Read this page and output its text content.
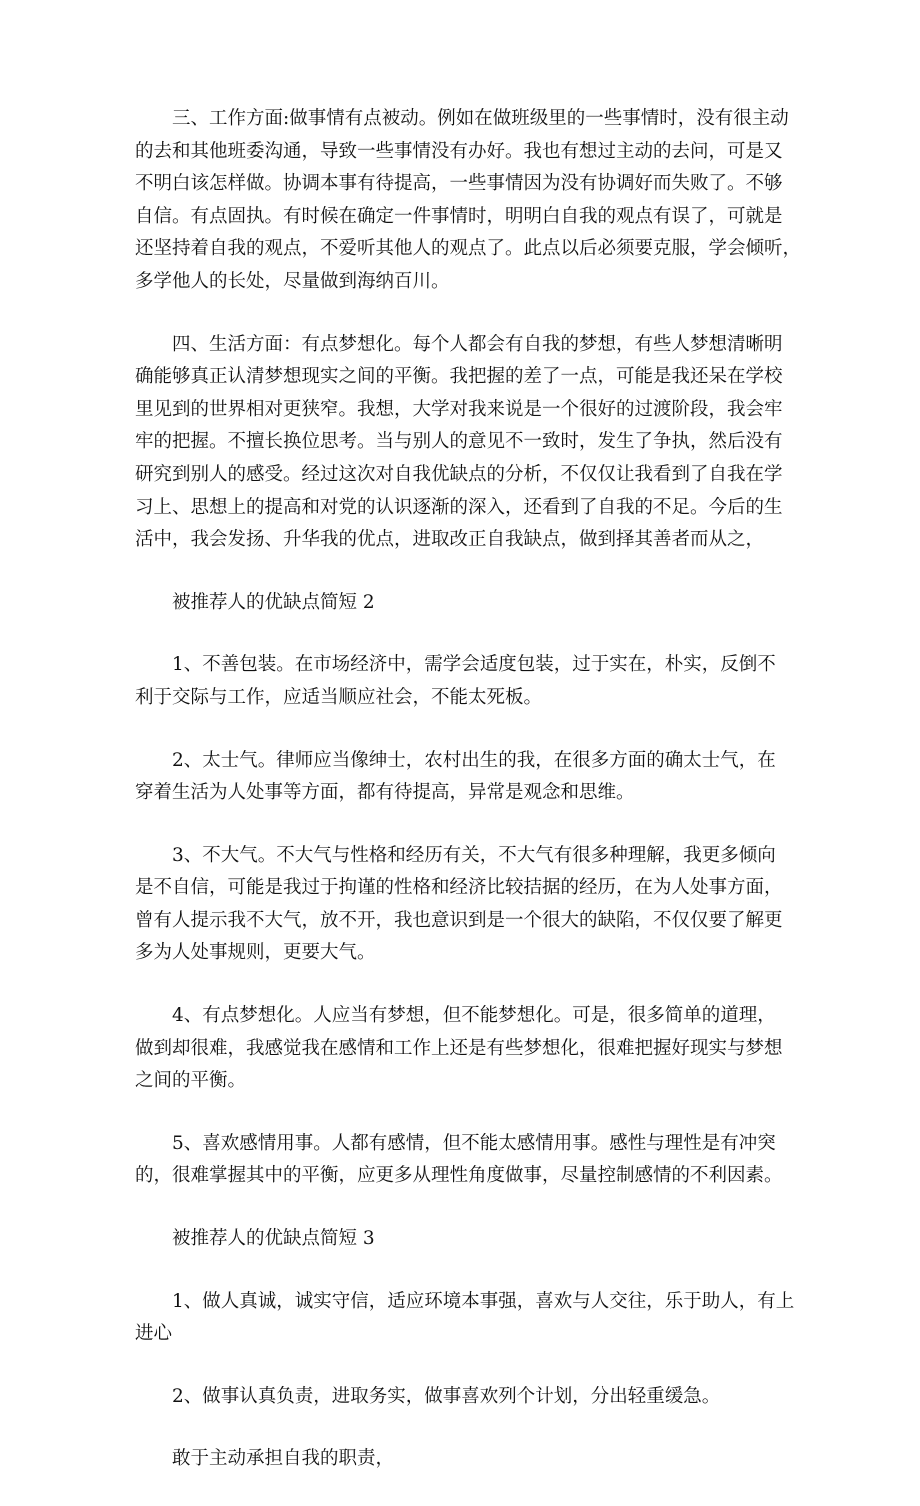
三、工作方面:做事情有点被动。例如在做班级里的一些事情时，没有很主动
的去和其他班委沟通，导致一些事情没有办好。我也有想过主动的去问，可是又
不明白该怎样做。协调本事有待提高，一些事情因为没有协调好而失败了。不够
自信。有点固执。有时候在确定一件事情时，明明白自我的观点有误了，可就是
还坚持着自我的观点，不爱听其他人的观点了。此点以后必须要克服，学会倾听，
多学他人的长处，尽量做到海纳百川。

四、生活方面：有点梦想化。每个人都会有自我的梦想，有些人梦想清晰明
确能够真正认清梦想现实之间的平衡。我把握的差了一点，可能是我还呆在学校
里见到的世界相对更狭窄。我想，大学对我来说是一个很好的过渡阶段，我会牢
牢的把握。不擅长换位思考。当与别人的意见不一致时，发生了争执，然后没有
研究到别人的感受。经过这次对自我优缺点的分析，不仅仅让我看到了自我在学
习上、思想上的提高和对党的认识逐渐的深入，还看到了自我的不足。今后的生
活中，我会发扬、升华我的优点，进取改正自我缺点，做到择其善者而从之，

被推荐人的优缺点简短 2

1、不善包装。在市场经济中，需学会适度包装，过于实在，朴实，反倒不
利于交际与工作，应适当顺应社会，不能太死板。

2、太士气。律师应当像绅士，农村出生的我，在很多方面的确太士气，在
穿着生活为人处事等方面，都有待提高，异常是观念和思维。

3、不大气。不大气与性格和经历有关，不大气有很多种理解，我更多倾向
是不自信，可能是我过于拘谨的性格和经济比较拮据的经历，在为人处事方面，
曾有人提示我不大气，放不开，我也意识到是一个很大的缺陷，不仅仅要了解更
多为人处事规则，更要大气。

4、有点梦想化。人应当有梦想，但不能梦想化。可是，很多简单的道理，
做到却很难，我感觉我在感情和工作上还是有些梦想化，很难把握好现实与梦想
之间的平衡。

5、喜欢感情用事。人都有感情，但不能太感情用事。感性与理性是有冲突
的，很难掌握其中的平衡，应更多从理性角度做事，尽量控制感情的不利因素。

被推荐人的优缺点简短 3

1、做人真诚，诚实守信，适应环境本事强，喜欢与人交往，乐于助人，有上
进心

2、做事认真负责，进取务实，做事喜欢列个计划，分出轻重缓急。

敢于主动承担自我的职责，
